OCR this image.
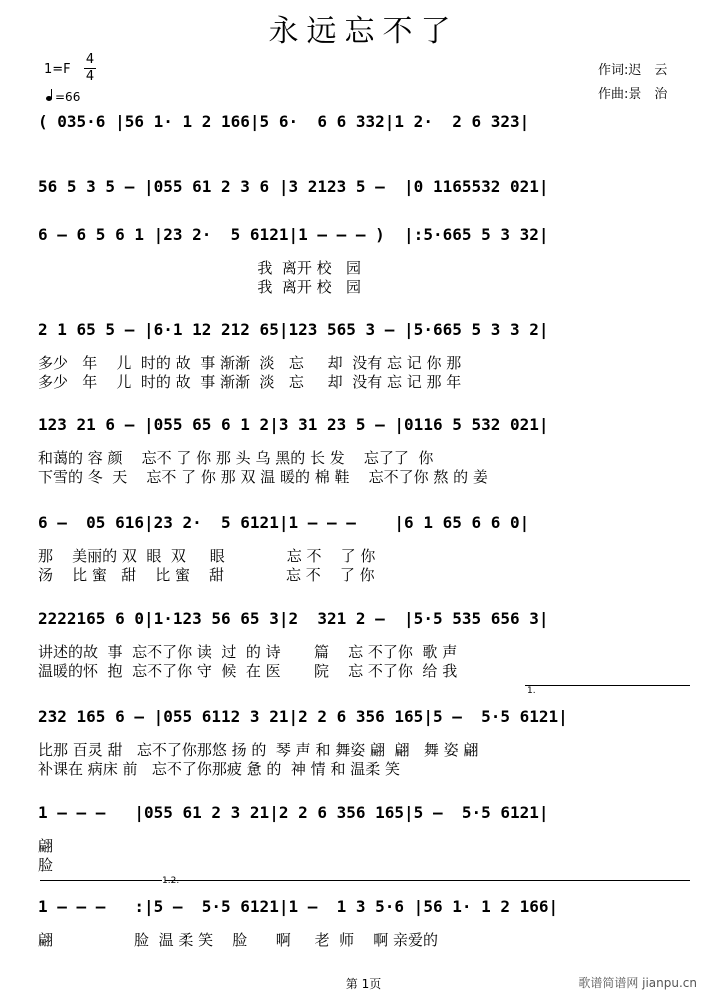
永远忘不了
1=F
4
4
=66
作词:迟　云
作曲:景　治
( 035·6 |56 1· 1 2 166|5 6·  6 6 332|1 2·  2 6 323|
56 5 3 5 – |055 61 2 3 6 |3 2123 5 –  |0 1165532 021|
6 – 6 5 6 1 |23 2·  5 6121|1 – – – )  |:5·665 5 3 32|
我  离开 校   园
我  离开 校   园
2 1 65 5 – |6·1 12 212 65|123 565 3 – |5·665 5 3 3 2|
多少   年    儿  时的 故  事 渐渐  淡   忘     却  没有 忘 记 你 那
多少   年    儿  时的 故  事 渐渐  淡   忘     却  没有 忘 记 那 年
123 21 6 – |055 65 6 1 2|3 31 23 5 – |0116 5 532 021|
和蔼的 容 颜    忘不 了 你 那 头 乌 黑的 长 发    忘了了  你
下雪的 冬  天    忘不 了 你 那 双 温 暖的 棉 鞋    忘不了你 熬 的 姜
6 –  05 616|23 2·  5 6121|1 – – –    |6 1 65 6 6 0|
那    美丽的 双  眼  双     眼             忘 不    了 你
汤    比 蜜   甜    比 蜜    甜             忘 不    了 你
2222165 6 0|1·123 56 65 3|2  321 2 –  |5·5 535 656 3|
讲述的故  事  忘不了你 读  过  的 诗       篇    忘 不了你  歌 声
温暖的怀  抱  忘不了你 守  候  在 医       院    忘 不了你  给 我
232 165 6 – |055 6112 3 21|2 2 6 356 165|5 –  5·5 6121|
比那 百灵 甜   忘不了你那悠 扬 的  琴 声 和 舞姿 翩  翩   舞 姿 翩
补课在 病床 前   忘不了你那疲 惫 的  神 情 和 温柔 笑
1 – – –   |055 61 2 3 21|2 2 6 356 165|5 –  5·5 6121|
翩
脸
1 – – –   :|5 –  5·5 6121|1 –  1 3 5·6 |56 1· 1 2 166|
翩                 脸  温 柔 笑    脸      啊     老  师    啊 亲爱的
1.
1.2.
第 1页	歌谱简谱网 jianpu.cn
